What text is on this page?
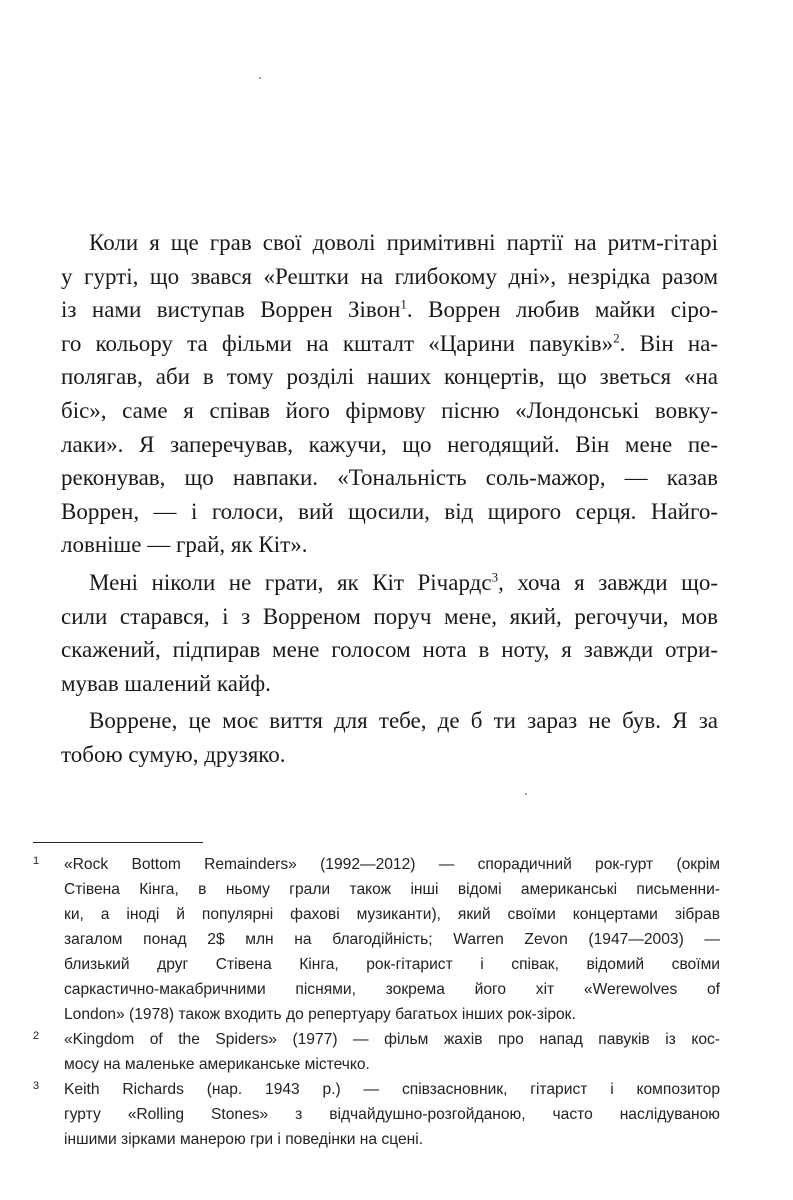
Коли я ще грав свої доволі примітивні партії на ритм-гітарі
у гурті, що звався «Рештки на глибокому дні», незрідка разом
із нами виступав Воррен Зівон$^1$. Воррен любив майки сіро-
го кольору та фільми на кшталт «Царини павуків»$^2$. Він на-
полягав, аби в тому розділі наших концертів, що зветься «на
біс», саме я співав його фірмову пісню «Лондонські вовку-
лаки». Я заперечував, кажучи, що негодящий. Він мене пе-
реконував, що навпаки. «Тональність соль-мажор, — казав
Воррен, — і голоси, вий щосили, від щирого серця. Найго-
ловніше — грай, як Кіт».
Мені ніколи не грати, як Кіт Річардс$^3$, хоча я завжди що-
сили старався, і з Ворреном поруч мене, який, регочучи, мов
скажений, підпирав мене голосом нота в ноту, я завжди отри-
мував шалений кайф.
Воррене, це моє виття для тебе, де б ти зараз не був. Я за
тобою сумую, друзяко.
1 «Rock Bottom Remainders» (1992—2012) — спорадичний рок-гурт (окрім
Стівена Кінга, в ньому грали також інші відомі американські письменни-
ки, а іноді й популярні фахові музиканти), який своїми концертами зібрав
загалом понад 2$ млн на благодійність; Warren Zevon (1947—2003) —
близький друг Стівена Кінга, рок-гітарист і співак, відомий своїми
саркастично-макабричними піснями, зокрема його хіт «Werewolves of
London» (1978) також входить до репертуару багатьох інших рок-зірок.
2 «Kingdom of the Spiders» (1977) — фільм жахів про напад павуків із кос-
мосу на маленьке американське містечко.
3 Keith Richards (нар. 1943 р.) — співзасновник, гітарист і композитор
гурту «Rolling Stones» з відчайдушно-розгойданою, часто наслідуваною
іншими зірками манерою гри і поведінки на сцені.
